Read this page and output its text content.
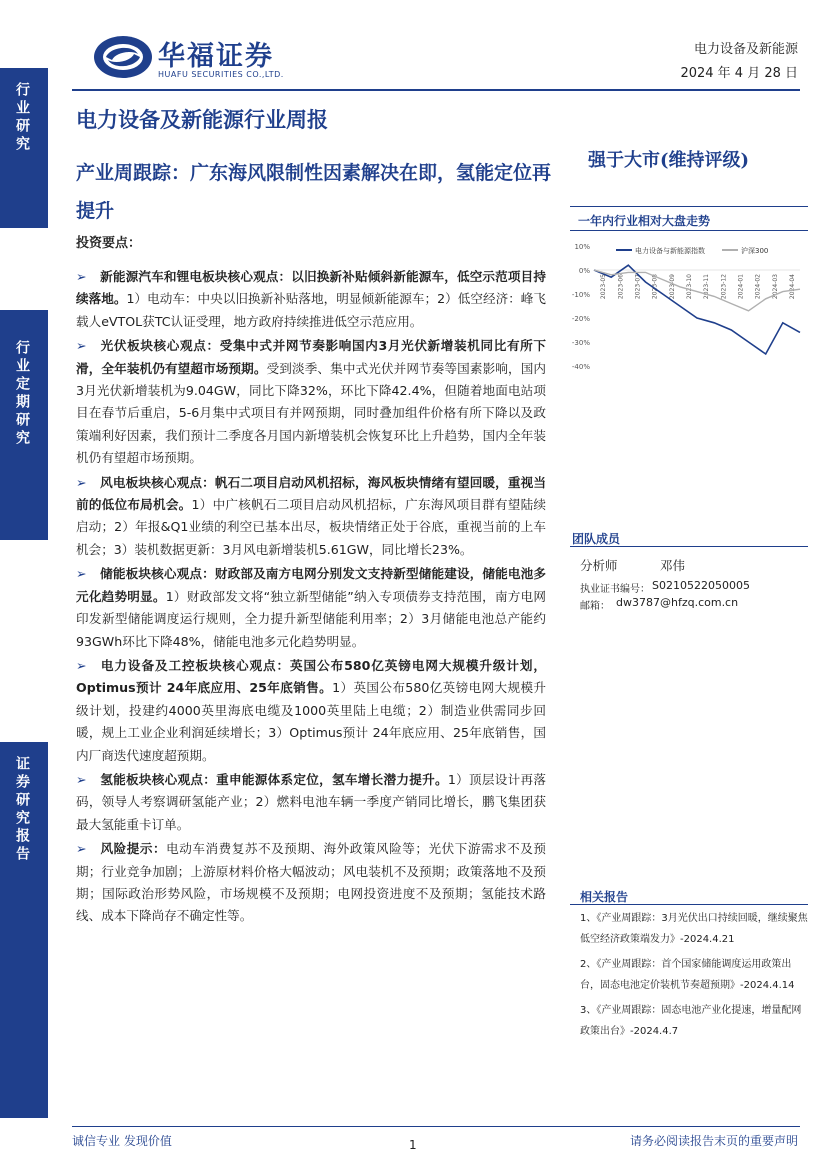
华福证券
HUAFU SECURITIES CO.,LTD.
电力设备及新能源
2024 年 4 月 28 日
行业研究
行业定期研究
证券研究报告
电力设备及新能源行业周报
产业周跟踪：广东海风限制性因素解决在即，氢能定位再提升
强于大市(维持评级)
投资要点：

➢ 新能源汽车和锂电板块核心观点：以旧换新补贴倾斜新能源车，低空示范项目持续落地。1）电动车：中央以旧换新补贴落地，明显倾新能源车；2）低空经济：峰飞载人eVTOL获TC认证受理，地方政府持续推进低空示范应用。

➢ 光伏板块核心观点：受集中式并网节奏影响国内3月光伏新增装机同比有所下滑，全年装机仍有望超市场预期。受到淡季、集中式光伏并网节奏等国素影响，国内3月光伏新增装机为9.04GW，同比下降32%，环比下降42.4%，但随着地面电站项目在春节后重启，5-6月集中式项目有并网预期，同时叠加组件价格有所下降以及政策端利好因素，我们预计二季度各月国内新增装机会恢复环比上升趋势，国内全年装机仍有望超市场预期。

➢ 风电板块核心观点：帆石二项目启动风机招标，海风板块情绪有望回暖，重视当前的低位布局机会。1）中广核帆石二项目启动风机招标，广东海风项目群有望陆续启动；2）年报&Q1业绩的利空已基本出尽，板块情绪正处于谷底，重视当前的上车机会；3）装机数据更新：3月风电新增装机5.61GW，同比增长23%。

➢ 储能板块核心观点：财政部及南方电网分别发文支持新型储能建设，储能电池多元化趋势明显。1）财政部发文将“独立新型储能”纳入专项债券支持范围，南方电网印发新型储能调度运行规则，全力提升新型储能利用率；2）3月储能电池总产能约93GWh环比下降48%，储能电池多元化趋势明显。

➢ 电力设备及工控板块核心观点：英国公布580亿英镑电网大规模升级计划，Optimus预计 24年底应用、25年底销售。1）英国公布580亿英镑电网大规模升级计划，投建约4000英里海底电缆及1000英里陆上电缆；2）制造业供需同步回暖，规上工业企业利润延续增长；3）Optimus预计 24年底应用、25年底销售，国内厂商迭代速度超预期。

➢ 氢能板块核心观点：重申能源体系定位，氢车增长潜力提升。1）顶层设计再落码，领导人考察调研氢能产业；2）燃料电池车辆一季度产销同比增长，鹏飞集团获最大氢能重卡订单。

➢ 风险提示：电动车消费复苏不及预期、海外政策风险等；光伏下游需求不及预期；行业竞争加剧；上游原材料价格大幅波动；风电装机不及预期；政策落地不及预期；国际政治形势风险，市场规模不及预期；电网投资进度不及预期；氢能技术路线、成本下降尚存不确定性等。

一年内行业相对大盘走势
10%
0%
-10%
-20%
-30%
-40%
2023-05 2023-06 2023-07 2023-08 2023-09 2023-10 2023-11 2023-12 2024-01 2024-02 2024-03 2024-04
电力设备与新能源指数	沪深300
团队成员
分析师	邓伟
执业证书编号： S0210522050005
邮箱： dw3787@hfzq.com.cn
相关报告
1、《产业周跟踪：3月光伏出口持续回暖，继续聚焦低空经济政策端发力》-2024.4.21
2、《产业周跟踪：首个国家储能调度运用政策出台，固态电池定价装机节奏超预期》-2024.4.14
3、《产业周跟踪：固态电池产业化提速，增量配网政策出台》-2024.4.7
诚信专业 发现价值	1	请务必阅读报告末页的重要声明
